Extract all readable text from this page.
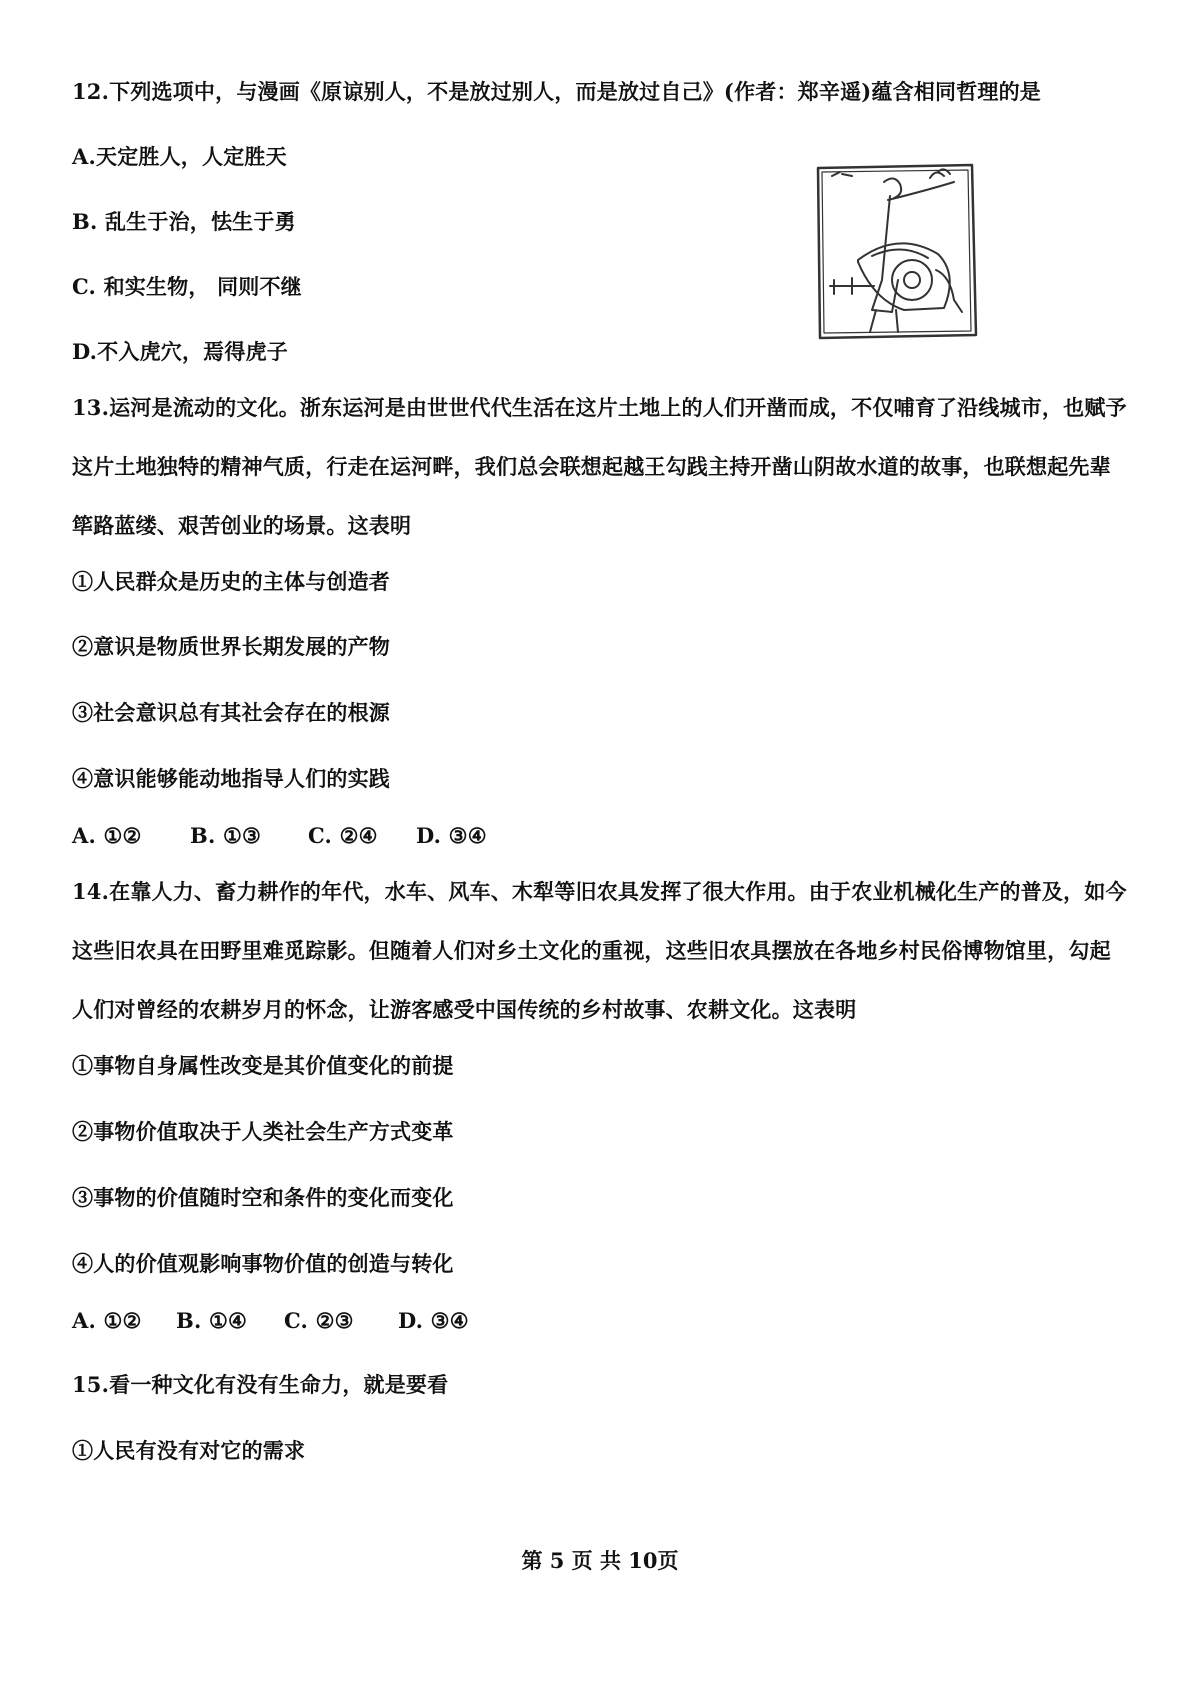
12.下列选项中，与漫画《原谅别人，不是放过别人，而是放过自己》(作者：郑辛遥)蕴含相同哲理的是
A.天定胜人，人定胜天
B. 乱生于治，怯生于勇
C. 和实生物， 同则不继
D.不入虎穴，焉得虎子
13.运河是流动的文化。浙东运河是由世世代代生活在这片土地上的人们开凿而成，不仅哺育了沿线城市，也赋予
这片土地独特的精神气质，行走在运河畔，我们总会联想起越王勾践主持开凿山阴故水道的故事，也联想起先辈
筚路蓝缕、艰苦创业的场景。这表明
①人民群众是历史的主体与创造者
②意识是物质世界长期发展的产物
③社会意识总有其社会存在的根源
④意识能够能动地指导人们的实践
A. ①② B. ①③ C. ②④ D. ③④
14.在靠人力、畜力耕作的年代，水车、风车、木犁等旧农具发挥了很大作用。由于农业机械化生产的普及，如今
这些旧农具在田野里难觅踪影。但随着人们对乡土文化的重视，这些旧农具摆放在各地乡村民俗博物馆里，勾起
人们对曾经的农耕岁月的怀念，让游客感受中国传统的乡村故事、农耕文化。这表明
①事物自身属性改变是其价值变化的前提
②事物价值取决于人类社会生产方式变革
③事物的价值随时空和条件的变化而变化
④人的价值观影响事物价值的创造与转化
A. ①② B. ①④ C. ②③ D. ③④
15.看一种文化有没有生命力，就是要看
①人民有没有对它的需求
第 5 页 共 10页
